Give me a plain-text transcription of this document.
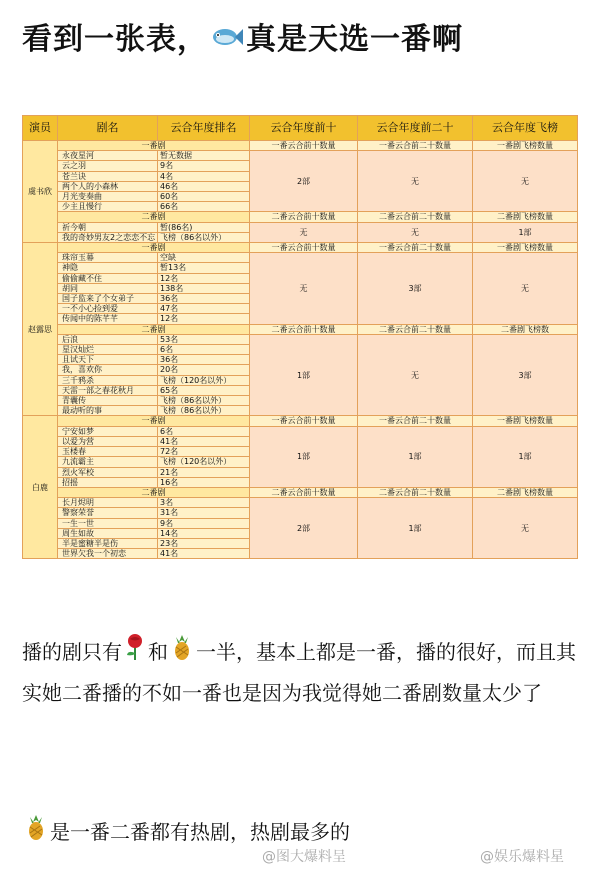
看到一张表， 真是天选一番啊
演员	剧名	云合年度排名	云合年度前十	云合年度前二十	云合年度飞榜
虞书欣	一番剧		一番云合前十数量	一番云合前二十数量	一番剧飞榜数量
	永夜星河	暂无数据	2部	无	无
	云之羽	9名			
	苍兰诀	4名			
	两个人的小森林	46名			
	月光变奏曲	60名			
	少主且慢行	66名			
	二番剧		二番云合前十数量	二番云合前二十数量	二番剧飞榜数量
	祈今朝	暂(86名)	无	无	1部
	我的奇妙男友2之恋恋不忘	飞榜（86名以外）			
赵露思	一番剧		一番云合前十数量	一番云合前二十数量	一番剧飞榜数量
	珠帘玉幕	空缺	无	3部	无
	神隐	暂13名			
	偷偷藏不住	12名			
	胡同	138名			
	国子监来了个女弟子	36名			
	一不小心捡到爱	47名			
	传闻中的陈芊芊	12名			
	二番剧		二番云合前十数量	二番云合前二十数量	二番剧飞榜数
	后浪	53名	1部	无	3部
	星汉灿烂	6名			
	且试天下	36名			
	我，喜欢你	20名			
	三千鸦杀	飞榜（120名以外）			
	天雷一部之春花秋月	65名			
	青囊传	飞榜（86名以外）			
	最动听的事	飞榜（86名以外）			
白鹿	一番剧		一番云合前十数量	一番云合前二十数量	一番剧飞榜数量
	宁安如梦	6名	1部	1部	1部
	以爱为营	41名			
	玉楼春	72名			
	九流霸主	飞榜（120名以外）			
	烈火军校	21名			
	招摇	16名			
	二番剧		二番云合前十数量	二番云合前二十数量	二番剧飞榜数量
	长月烬明	3名	2部	1部	无
	警察荣誉	31名			
	一生一世	9名			
	周生如故	14名			
	半是蜜糖半是伤	23名			
	世界欠我一个初恋	41名			
播的剧只有 和 一半，基本上都是一番，播的很好，而且其实她二番播的不如一番也是因为我觉得她二番剧数量太少了
是一番二番都有热剧，热剧最多的
@图大爆料呈	@娱乐爆料星
